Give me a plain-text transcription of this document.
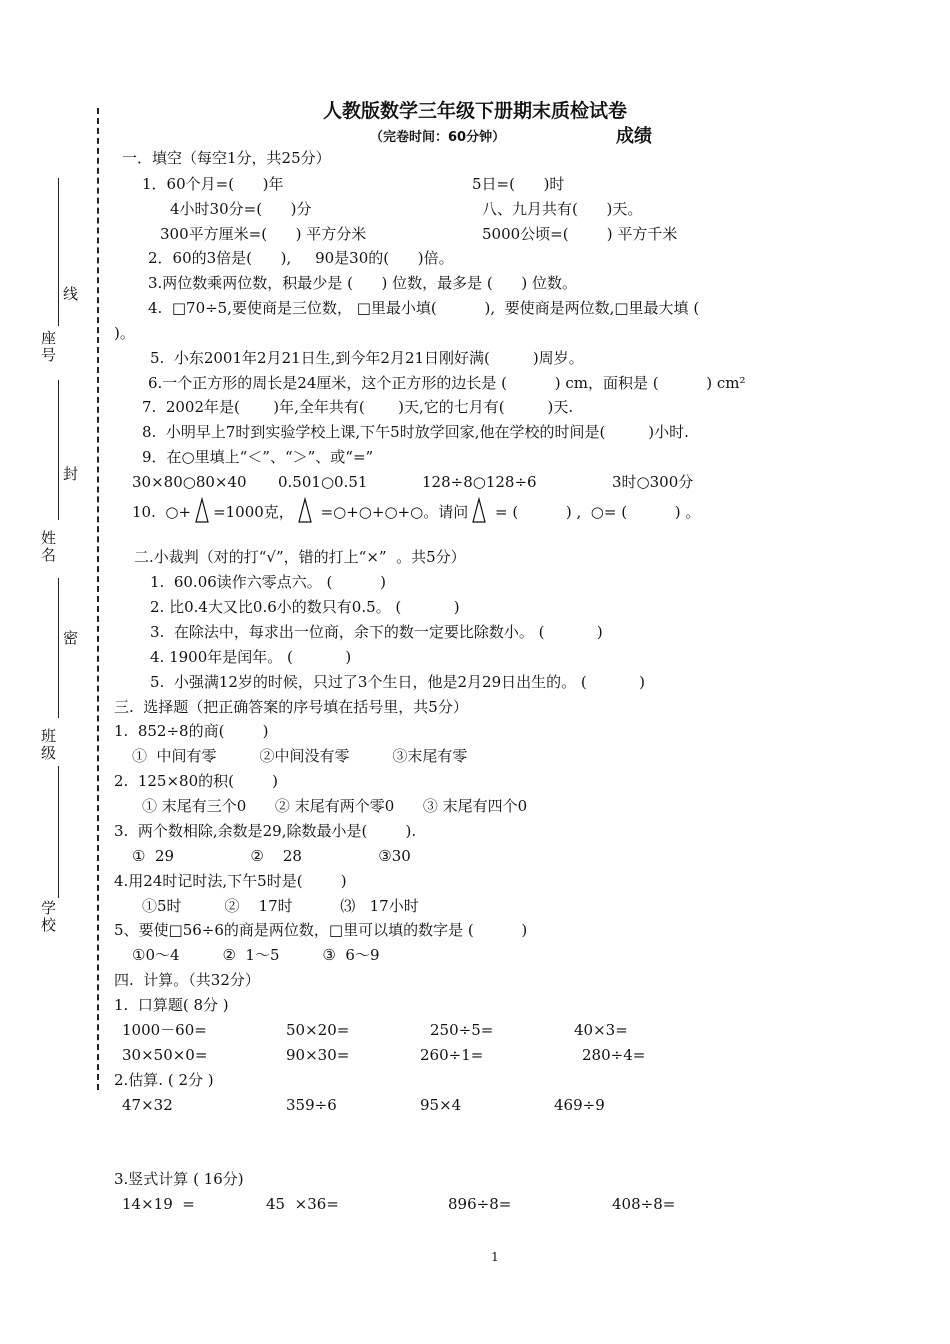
线
座号
封
姓名
密
班级
学校
人教版数学三年级下册期末质检试卷
（完卷时间：60分钟）	成绩
一．填空（每空1分，共25分）
1．60个月=(      )年	5日=(      )时
4小时30分=(      )分	八、九月共有(      )天。
300平方厘米=(      ) 平方分米	5000公顷=(        ) 平方千米
2．60的3倍是(      ),     90是30的(      )倍。
3.两位数乘两位数，积最少是 (      ) 位数，最多是 (      ) 位数。
4.  □70÷5,要使商是三位数， □里最小填(          ),  要使商是两位数,□里最大填 (
)。
5.  小东2001年2月21日生,到今年2月21日刚好满(         )周岁。
6.一个正方形的周长是24厘米，这个正方形的边长是 (          ) cm，面积是 (          ) cm²
7.  2002年是(       )年,全年共有(       )天,它的七月有(         )天.
8.  小明早上7时到实验学校上课,下午5时放学回家,他在学校的时间是(         )小时.
9．在○里填上“＜”、“＞”、或“=”
30×80○80×40 0.501○0.51	128÷8○128÷6	3时○300分
10.  ○+ =1000克， =○+○+○+○。请问 = (          ) ,  ○= (          ) 。
二.小裁判（对的打“√”，错的打上“×”  。共5分）
1.  60.06读作六零点六。 (          )
2. 比0.4大又比0.6小的数只有0.5。 (           )
3.  在除法中，每求出一位商，余下的数一定要比除数小。 (           )
4. 1900年是闰年。 (           )
5.  小强满12岁的时候，只过了3个生日，他是2月29日出生的。 (           )
三.  选择题（把正确答案的序号填在括号里，共5分）
1.  852÷8的商(        )
①  中间有零         ②中间没有零         ③末尾有零
2.  125×80的积(        )
① 末尾有三个0      ② 末尾有两个零0      ③ 末尾有四个0
3.  两个数相除,余数是29,除数最小是(        ).
①  29                ②    28                ③30
4.用24时记时法,下午5时是(        )
①5时         ②    17时          ⑶   17小时
5、要使□56÷6的商是两位数，□里可以填的数字是 (          )
①0～4         ②  1～5         ③  6～9
四.  计算。（共32分）
1.  口算题( 8分 )
1000－60=	50×20=	250÷5=	40×3=
30×50×0=	90×30=	260÷1=	280÷4=
2.估算. ( 2分 )
47×32	359÷6	95×4	469÷9
3.竖式计算 ( 16分)
14×19  =	45  ×36=	896÷8=	408÷8=
1
